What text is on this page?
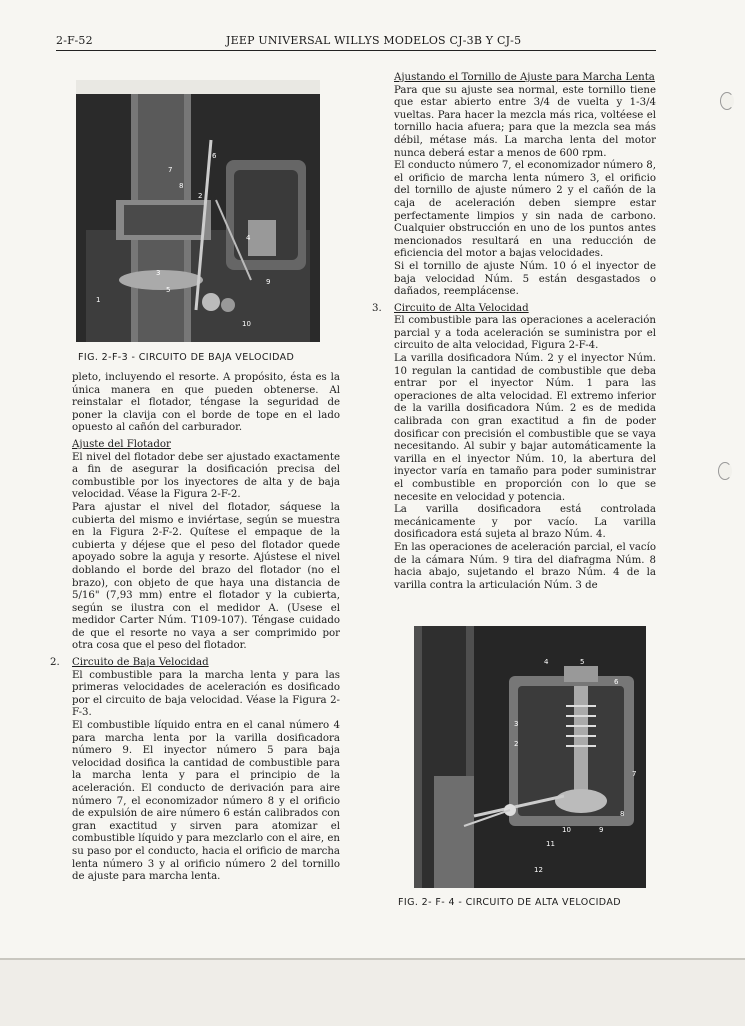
2-F-52	JEEP UNIVERSAL WILLYS MODELOS CJ-3B Y CJ-5
7
8
6
2
3
5
1
9
4
10
FIG. 2-F-3 - CIRCUITO DE BAJA VELOCIDAD

pleto, incluyendo el resorte. A propósito, ésta es la única manera en que pueden obtenerse. Al reinstalar el flotador, téngase la seguridad de poner la clavija con el borde de tope en el lado opuesto al cañón del carburador.

Ajuste del Flotador

El nivel del flotador debe ser ajustado exactamente a fin de asegurar la dosificación precisa del combustible por los inyectores de alta y de baja velocidad. Véase la Figura 2-F-2.

Para ajustar el nivel del flotador, sáquese la cubierta del mismo e inviértase, según se muestra en la Figura 2-F-2. Quítese el empaque de la cubierta y déjese que el peso del flotador quede apoyado sobre la aguja y resorte. Ajústese el nivel doblando el borde del brazo del flotador (no el brazo), con objeto de que haya una distancia de 5/16" (7,93 mm) entre el flotador y la cubierta, según se ilustra con el medidor A. (Usese el medidor Carter Núm. T109-107). Téngase cuidado de que el resorte no vaya a ser comprimido por otra cosa que el peso del flotador.

2. Circuito de Baja Velocidad

El combustible para la marcha lenta y para las primeras velocidades de aceleración es dosificado por el circuito de baja velocidad. Véase la Figura 2-F-3.

El combustible líquido entra en el canal número 4 para marcha lenta por la varilla dosificadora número 9. El inyector número 5 para baja velocidad dosifica la cantidad de combustible para la marcha lenta y para el principio de la aceleración. El conducto de derivación para aire número 7, el economizador número 8 y el orificio de expulsión de aire número 6 están calibrados con gran exactitud y sirven para atomizar el combustible líquido y para mezclarlo con el aire, en su paso por el conducto, hacia el orificio de marcha lenta número 3 y al orificio número 2 del tornillo de ajuste para marcha lenta.

Ajustando el Tornillo de Ajuste para Marcha Lenta

Para que su ajuste sea normal, este tornillo tiene que estar abierto entre 3/4 de vuelta y 1-3/4 vueltas. Para hacer la mezcla más rica, voltéese el tornillo hacia afuera; para que la mezcla sea más débil, métase más. La marcha lenta del motor nunca deberá estar a menos de 600 rpm.

El conducto número 7, el economizador número 8, el orificio de marcha lenta número 3, el orificio del tornillo de ajuste número 2 y el cañón de la caja de aceleración deben siempre estar perfectamente limpios y sin nada de carbono. Cualquier obstrucción en uno de los puntos antes mencionados resultará en una reducción de eficiencia del motor a bajas velocidades.

Si el tornillo de ajuste Núm. 10 ó el inyector de baja velocidad Núm. 5 están desgastados o dañados, reemplácense.

3. Circuito de Alta Velocidad

El combustible para las operaciones a aceleración parcial y a toda aceleración se suministra por el circuito de alta velocidad, Figura 2-F-4.

La varilla dosificadora Núm. 2 y el inyector Núm. 10 regulan la cantidad de combustible que deba entrar por el inyector Núm. 1 para las operaciones de alta velocidad. El extremo inferior de la varilla dosificadora Núm. 2 es de medida calibrada con gran exactitud a fin de poder dosificar con precisión el combustible que se vaya necesitando. Al subir y bajar automáticamente la varilla en el inyector Núm. 10, la abertura del inyector varía en tamaño para poder suministrar el combustible en proporción con lo que se necesite en velocidad y potencia.

La varilla dosificadora está controlada mecánicamente y por vacío. La varilla dosificadora está sujeta al brazo Núm. 4.

En las operaciones de aceleración parcial, el vacío de la cámara Núm. 9 tira del diafragma Núm. 8 hacia abajo, sujetando el brazo Núm. 4 de la varilla contra la articulación Núm. 3 de

4	5
6
3
2
7
8
9
10
11
12
FIG. 2- F- 4 - CIRCUITO DE ALTA VELOCIDAD
